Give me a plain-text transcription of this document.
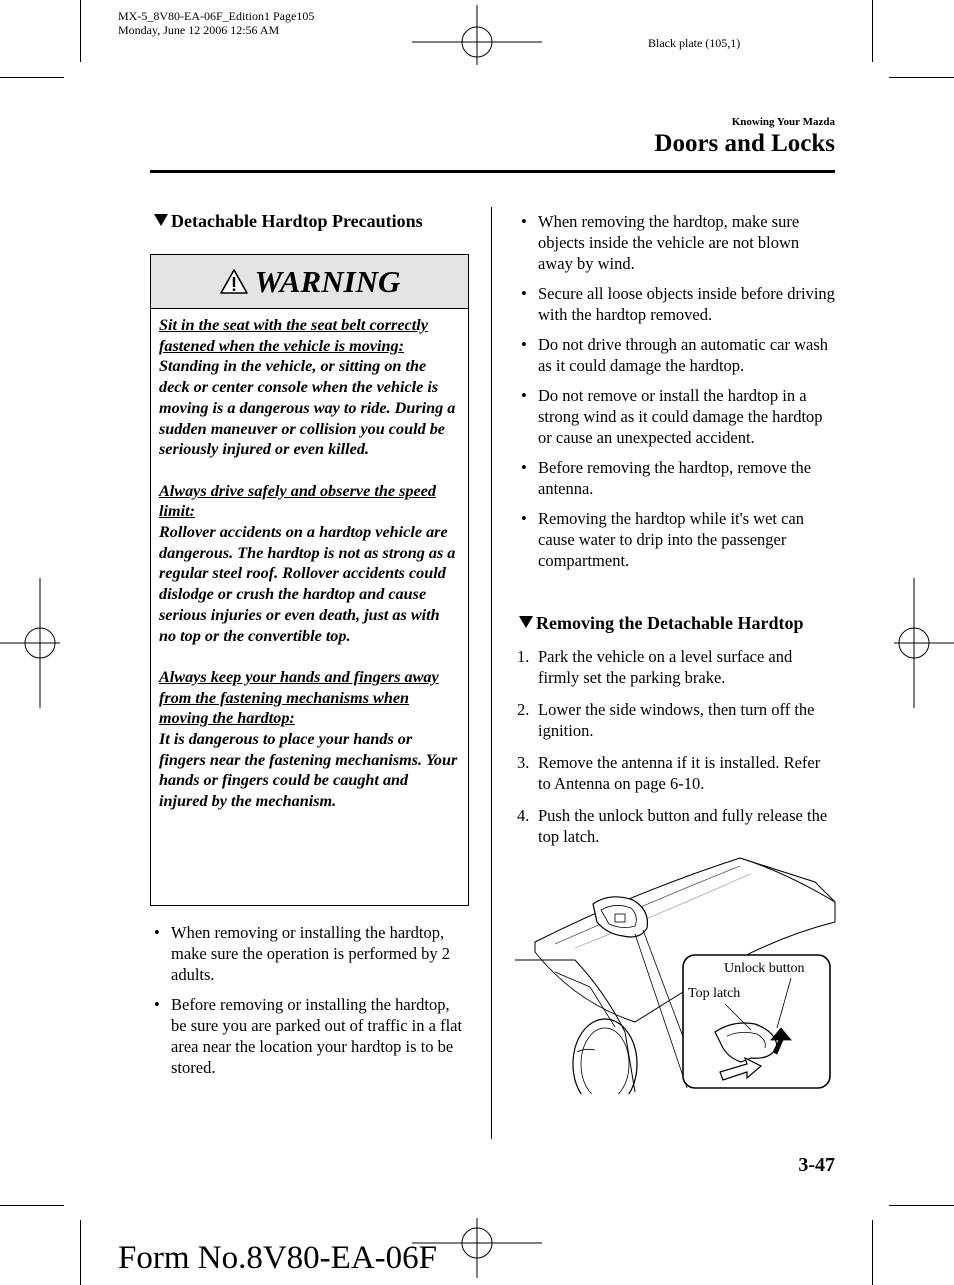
MX-5_8V80-EA-06F_Edition1 Page105
Monday, June 12 2006 12:56 AM
Black plate (105,1)
Knowing Your Mazda
Doors and Locks
Detachable Hardtop Precautions
WARNING
Sit in the seat with the seat belt correctly fastened when the vehicle is moving:
Standing in the vehicle, or sitting on the deck or center console when the vehicle is moving is a dangerous way to ride. During a sudden maneuver or collision you could be seriously injured or even killed.
Always drive safely and observe the speed limit:
Rollover accidents on a hardtop vehicle are dangerous. The hardtop is not as strong as a regular steel roof. Rollover accidents could dislodge or crush the hardtop and cause serious injuries or even death, just as with no top or the convertible top.
Always keep your hands and fingers away from the fastening mechanisms when moving the hardtop:
It is dangerous to place your hands or fingers near the fastening mechanisms. Your hands or fingers could be caught and injured by the mechanism.
• When removing or installing the hardtop, make sure the operation is performed by 2 adults.
• Before removing or installing the hardtop, be sure you are parked out of traffic in a flat area near the location your hardtop is to be stored.
• When removing the hardtop, make sure objects inside the vehicle are not blown away by wind.
• Secure all loose objects inside before driving with the hardtop removed.
• Do not drive through an automatic car wash as it could damage the hardtop.
• Do not remove or install the hardtop in a strong wind as it could damage the hardtop or cause an unexpected accident.
• Before removing the hardtop, remove the antenna.
• Removing the hardtop while it's wet can cause water to drip into the passenger compartment.
Removing the Detachable Hardtop
1. Park the vehicle on a level surface and firmly set the parking brake.
2. Lower the side windows, then turn off the ignition.
3. Remove the antenna if it is installed. Refer to Antenna on page 6-10.
4. Push the unlock button and fully release the top latch.
Unlock button
Top latch
3-47
Form No.8V80-EA-06F
